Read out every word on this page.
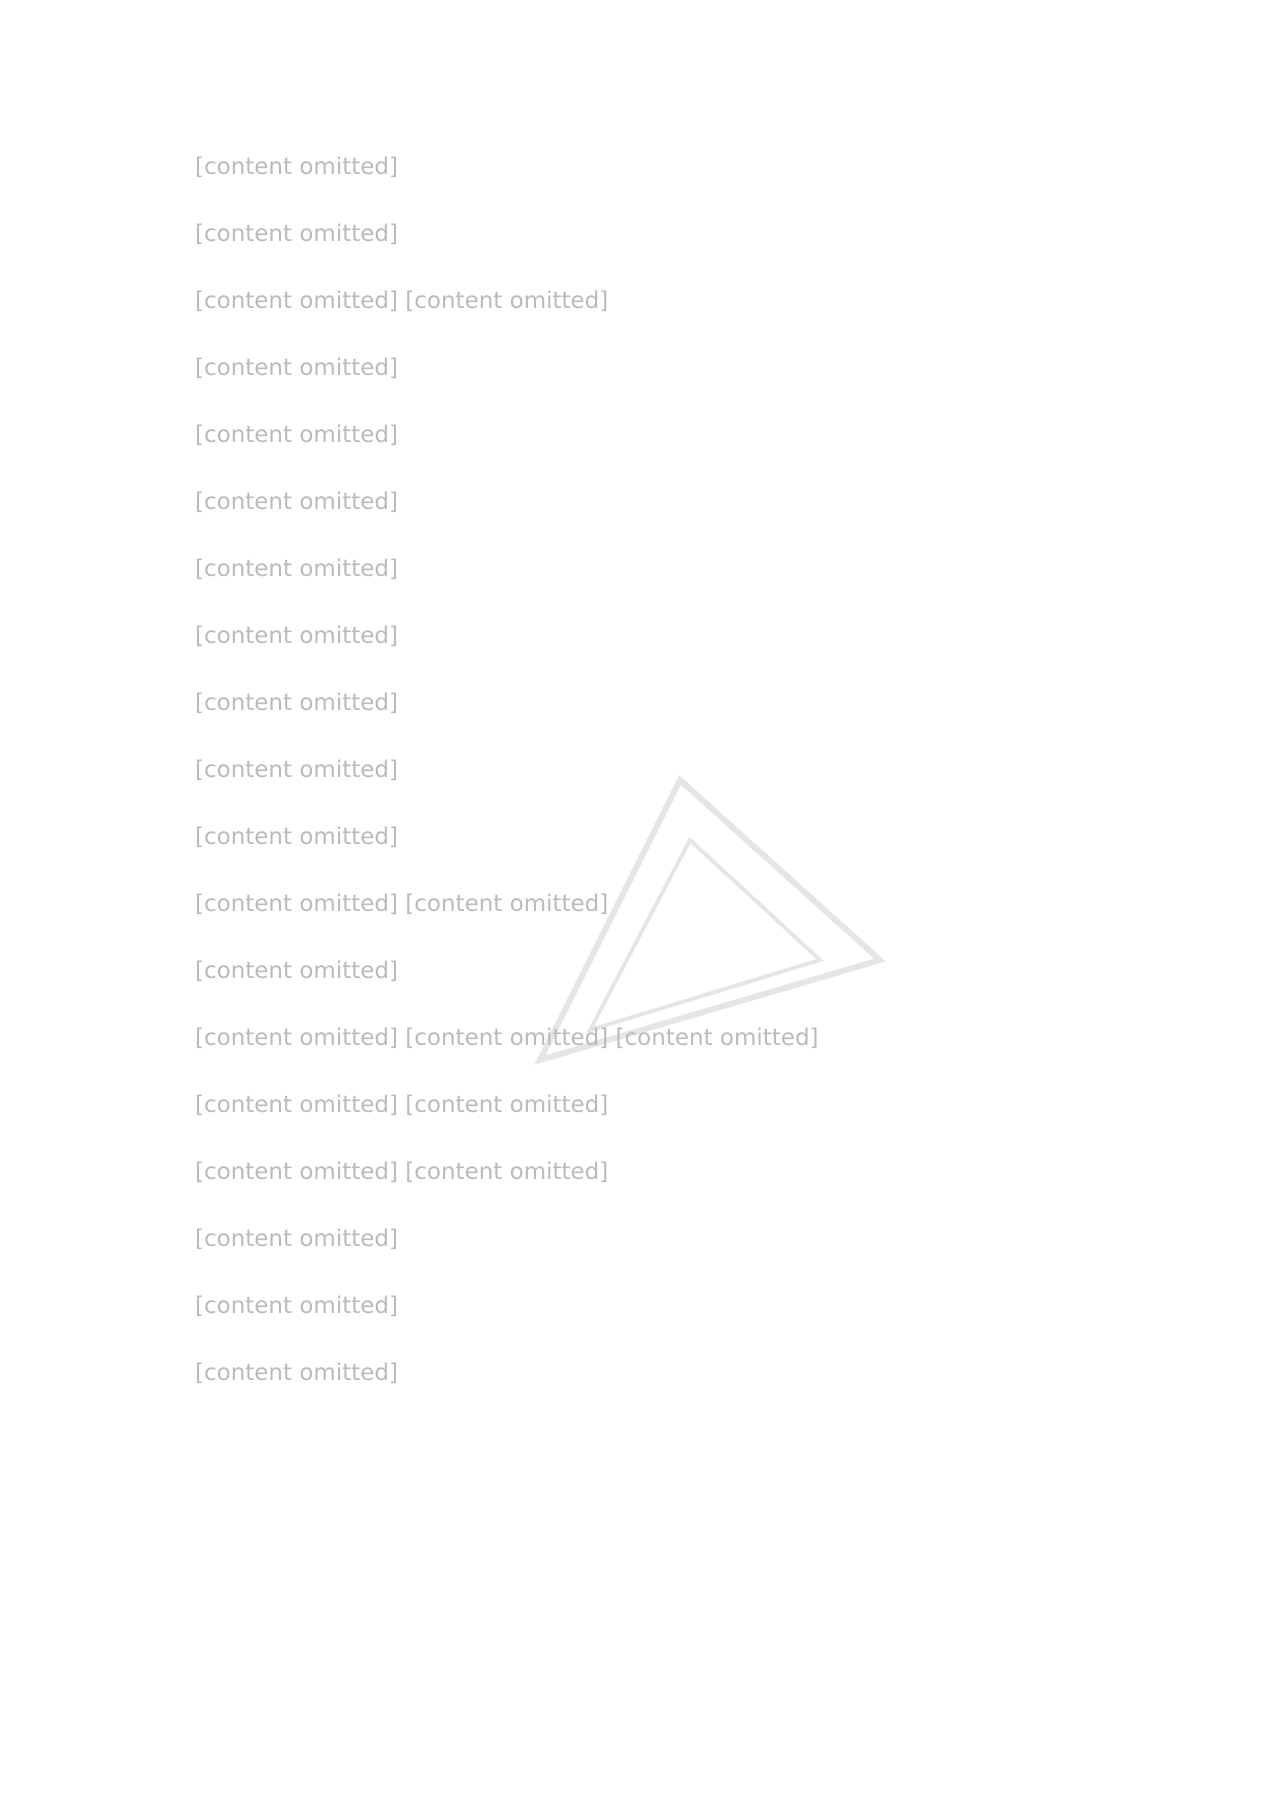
[content omitted]

[content omitted]

[content omitted] [content omitted]

[content omitted]

[content omitted]

[content omitted]

[content omitted]

[content omitted]

[content omitted]

[content omitted]

[content omitted]

[content omitted] [content omitted]

[content omitted]

[content omitted] [content omitted] [content omitted]

[content omitted] [content omitted]

[content omitted] [content omitted]

[content omitted]

[content omitted]

[content omitted]
